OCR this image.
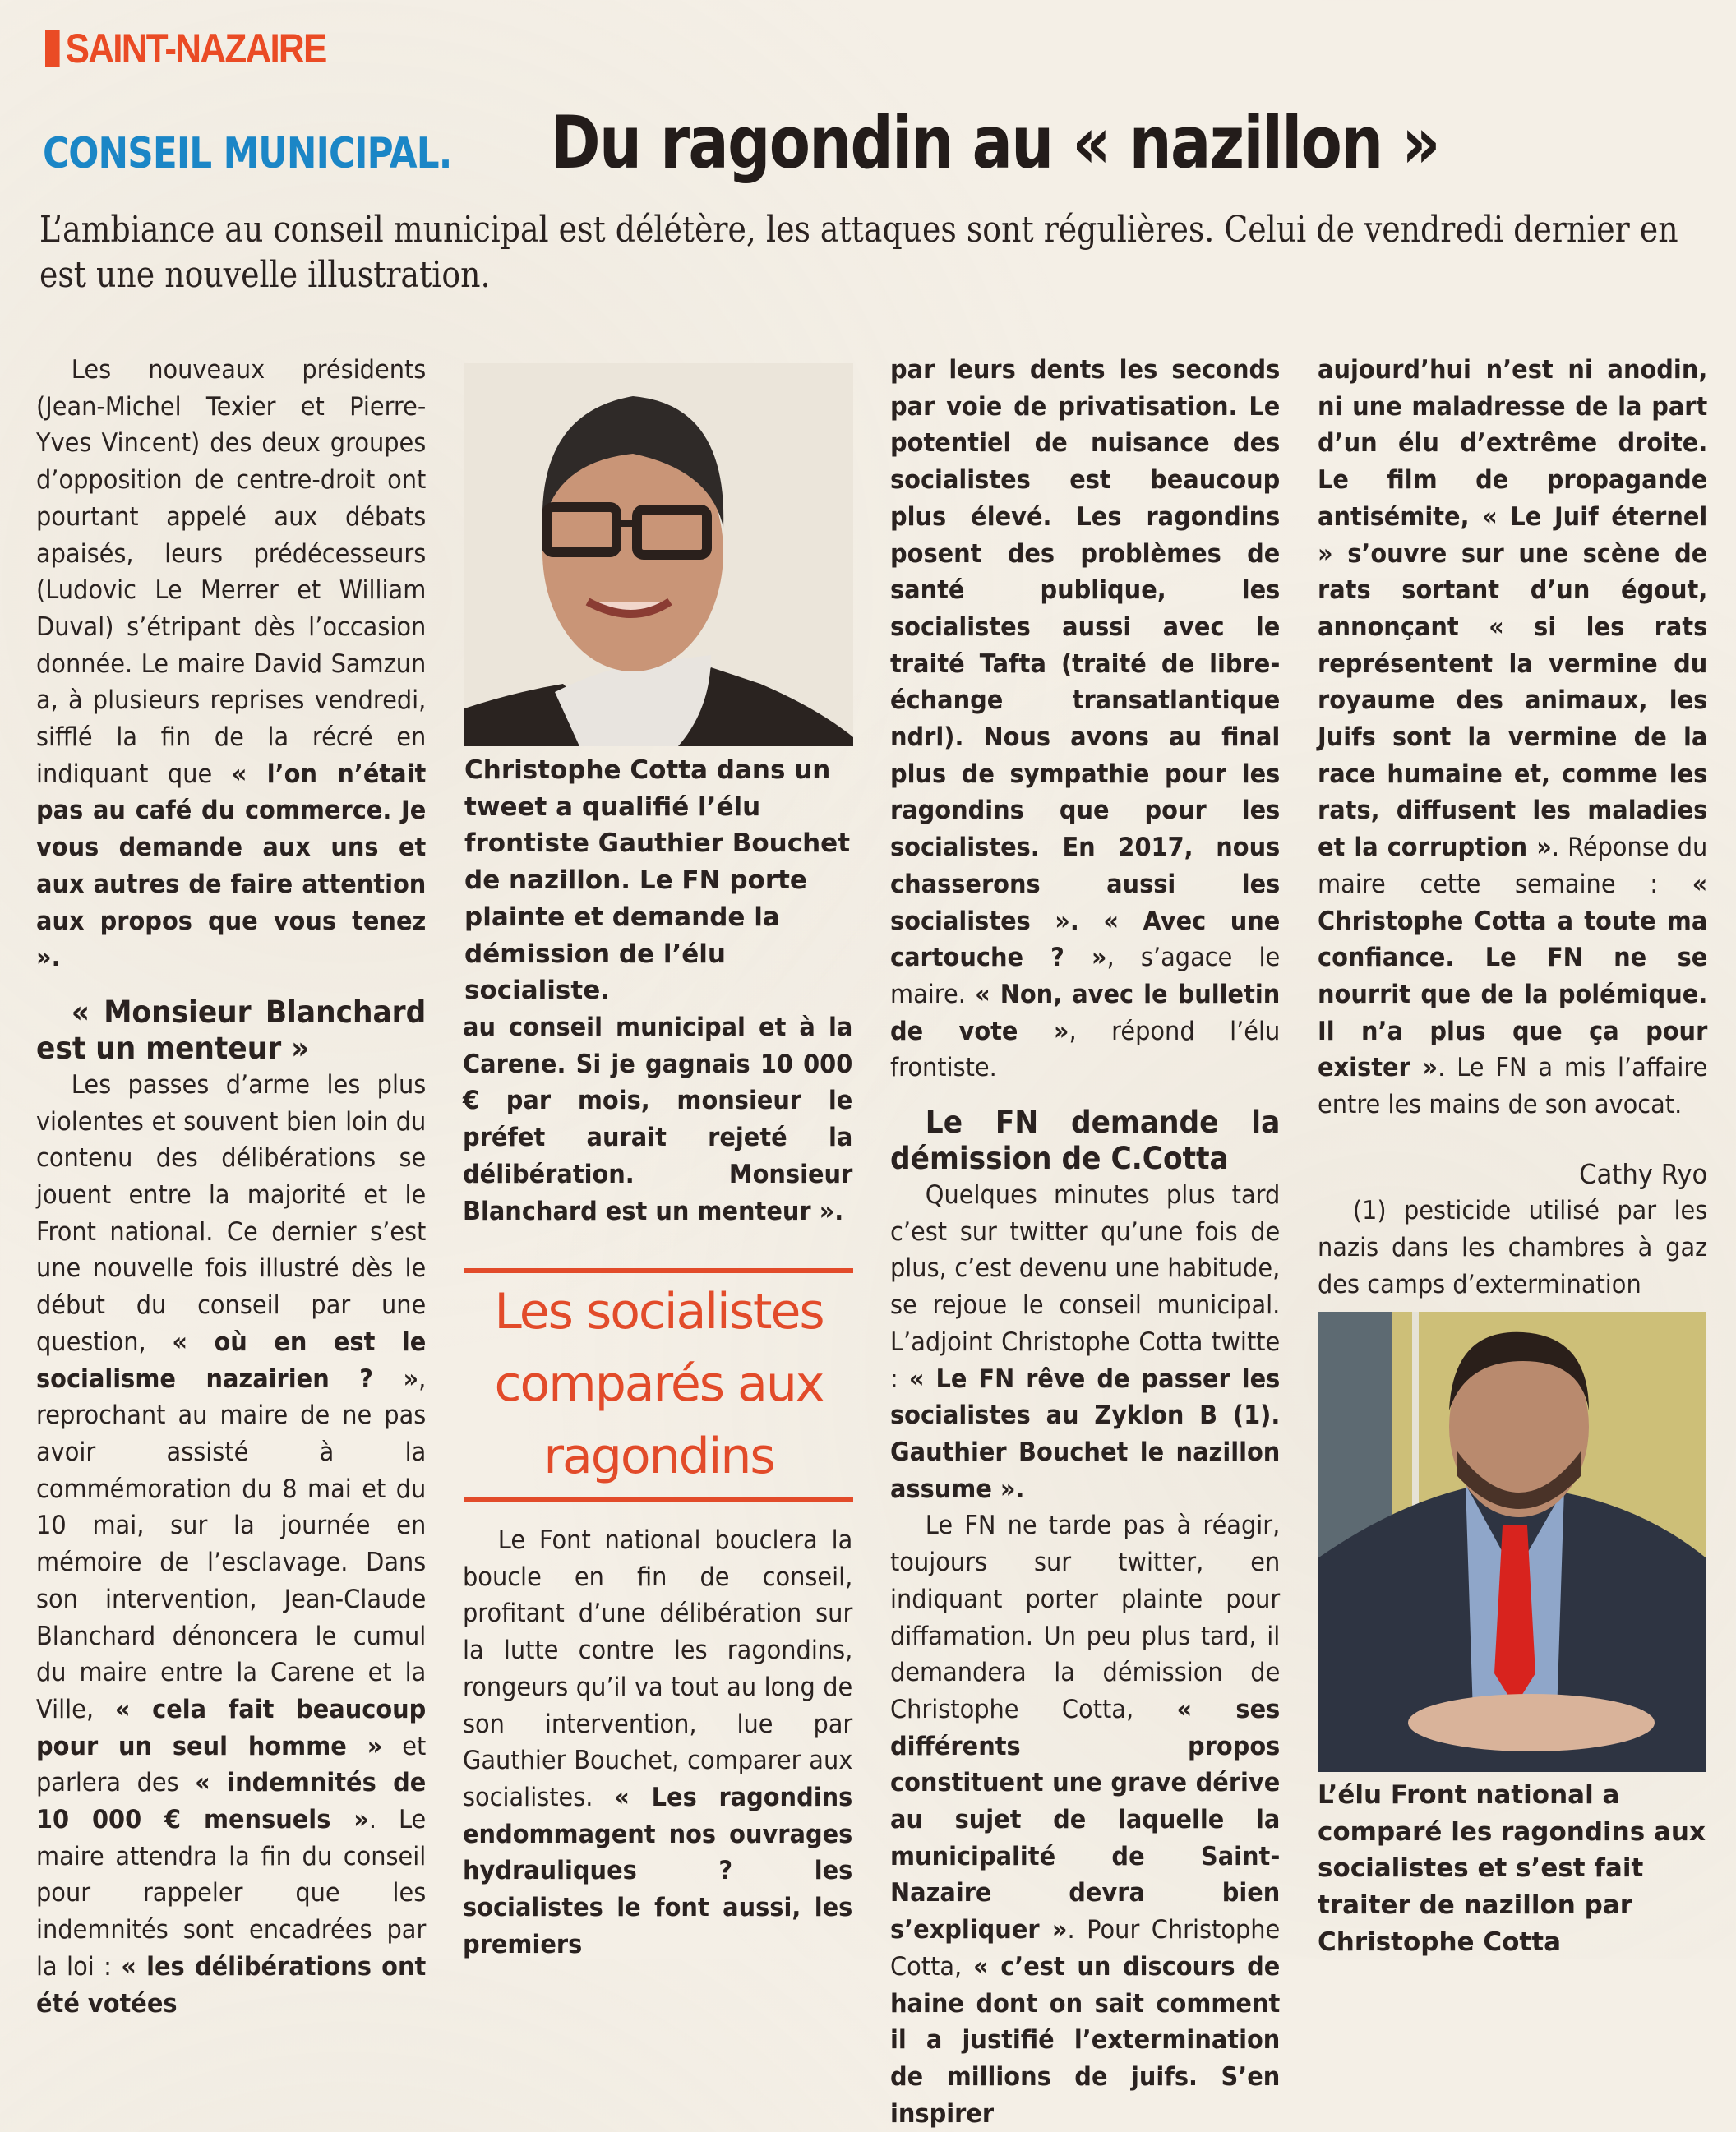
SAINT-NAZAIRE
CONSEIL MUNICIPAL. Du ragondin au « nazillon »
L’ambiance au conseil municipal est délétère, les attaques sont régulières. Celui de vendredi dernier en est une nouvelle illustration.

Les nouveaux présidents (Jean-Michel Texier et Pierre-Yves Vincent) des deux groupes d’opposition de centre-droit ont pourtant appelé aux débats apaisés, leurs prédécesseurs (Ludovic Le Merrer et William Duval) s’étripant dès l’occasion donnée. Le maire David Samzun a, à plusieurs reprises vendredi, sifflé la fin de la récré en indiquant que « l’on n’était pas au café du commerce. Je vous demande aux uns et aux autres de faire attention aux propos que vous tenez ».

« Monsieur Blanchard est un menteur »

Les passes d’arme les plus violentes et souvent bien loin du contenu des délibérations se jouent entre la majorité et le Front national. Ce dernier s’est une nouvelle fois illustré dès le début du conseil par une question, « où en est le socialisme nazairien ? », reprochant au maire de ne pas avoir assisté à la commémoration du 8 mai et du 10 mai, sur la journée en mémoire de l’esclavage. Dans son intervention, Jean-Claude Blanchard dénoncera le cumul du maire entre la Carene et la Ville, « cela fait beaucoup pour un seul homme » et parlera des « indemnités de 10 000 € mensuels ». Le maire attendra la fin du conseil pour rappeler que les indemnités sont encadrées par la loi : « les délibérations ont été votées

Christophe Cotta dans un tweet a qualifié l’élu frontiste Gauthier Bouchet de nazillon. Le FN porte plainte et demande la démission de l’élu socialiste.

au conseil municipal et à la Carene. Si je gagnais 10 000 € par mois, monsieur le préfet aurait rejeté la délibération. Monsieur Blanchard est un menteur ».

Les socialistes comparés aux ragondins

Le Font national bouclera la boucle en fin de conseil, profitant d’une délibération sur la lutte contre les ragondins, rongeurs qu’il va tout au long de son intervention, lue par Gauthier Bouchet, comparer aux socialistes. « Les ragondins endommagent nos ouvrages hydrauliques ? les socialistes le font aussi, les premiers

par leurs dents les seconds par voie de privatisation. Le potentiel de nuisance des socialistes est beaucoup plus élevé. Les ragondins posent des problèmes de santé publique, les socialistes aussi avec le traité Tafta (traité de libre-échange transatlantique ndrl). Nous avons au final plus de sympathie pour les ragondins que pour les socialistes. En 2017, nous chasserons aussi les socialistes ». « Avec une cartouche ? », s’agace le maire. « Non, avec le bulletin de vote », répond l’élu frontiste.

Le FN demande la démission de C.Cotta

Quelques minutes plus tard c’est sur twitter qu’une fois de plus, c’est devenu une habitude, se rejoue le conseil municipal. L’adjoint Christophe Cotta twitte : « Le FN rêve de passer les socialistes au Zyklon B (1). Gauthier Bouchet le nazillon assume ».

Le FN ne tarde pas à réagir, toujours sur twitter, en indiquant porter plainte pour diffamation. Un peu plus tard, il demandera la démission de Christophe Cotta, « ses différents propos constituent une grave dérive au sujet de laquelle la municipalité de Saint-Nazaire devra bien s’expliquer ». Pour Christophe Cotta, « c’est un discours de haine dont on sait comment il a justifié l’extermination de millions de juifs. S’en inspirer

aujourd’hui n’est ni anodin, ni une maladresse de la part d’un élu d’extrême droite. Le film de propagande antisémite, « Le Juif éternel » s’ouvre sur une scène de rats sortant d’un égout, annonçant « si les rats représentent la vermine du royaume des animaux, les Juifs sont la vermine de la race humaine et, comme les rats, diffusent les maladies et la corruption ». Réponse du maire cette semaine : « Christophe Cotta a toute ma confiance. Le FN ne se nourrit que de la polémique. Il n’a plus que ça pour exister ». Le FN a mis l’affaire entre les mains de son avocat.

Cathy Ryo

(1) pesticide utilisé par les nazis dans les chambres à gaz des camps d’extermination

L’élu Front national a comparé les ragondins aux socialistes et s’est fait traiter de nazillon par Christophe Cotta
